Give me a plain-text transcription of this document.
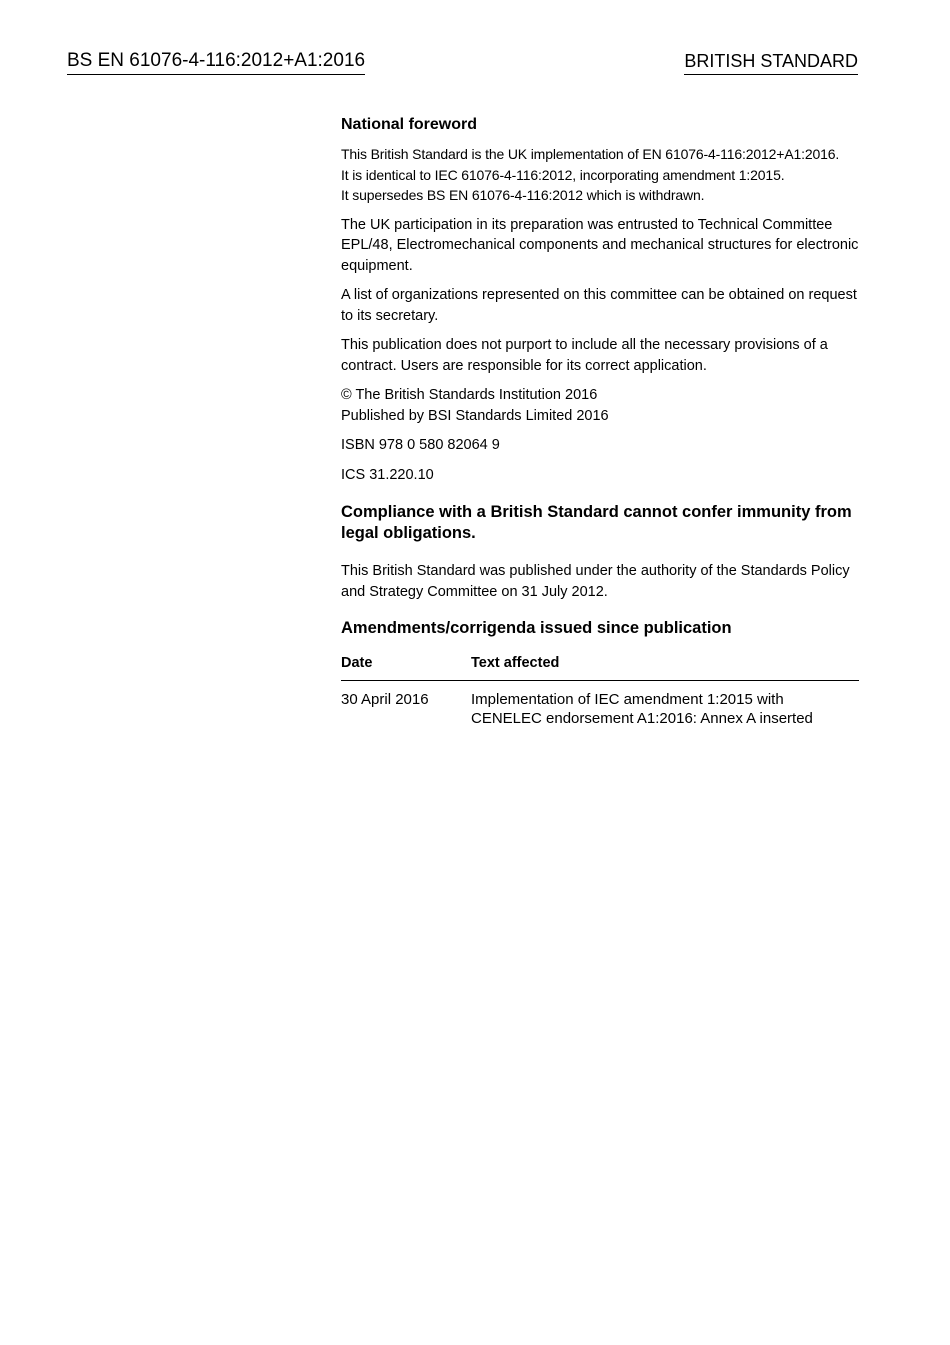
BS EN 61076-4-116:2012+A1:2016	BRITISH STANDARD
National foreword

This British Standard is the UK implementation of EN 61076-4-116:2012+A1:2016.
It is identical to IEC 61076-4-116:2012, incorporating amendment 1:2015.
It supersedes BS EN 61076-4-116:2012 which is withdrawn.

The UK participation in its preparation was entrusted to Technical Committee EPL/48, Electromechanical components and mechanical structures for electronic equipment.

A list of organizations represented on this committee can be obtained on request to its secretary.

This publication does not purport to include all the necessary provisions of a contract. Users are responsible for its correct application.

© The British Standards Institution 2016
Published by BSI Standards Limited 2016

ISBN 978 0 580 82064 9

ICS 31.220.10

Compliance with a British Standard cannot confer immunity from legal obligations.

This British Standard was published under the authority of the Standards Policy and Strategy Committee on 31 July 2012.

Amendments/corrigenda issued since publication
Date	Text affected
30 April 2016	Implementation of IEC amendment 1:2015 with
CENELEC endorsement A1:2016: Annex A inserted
